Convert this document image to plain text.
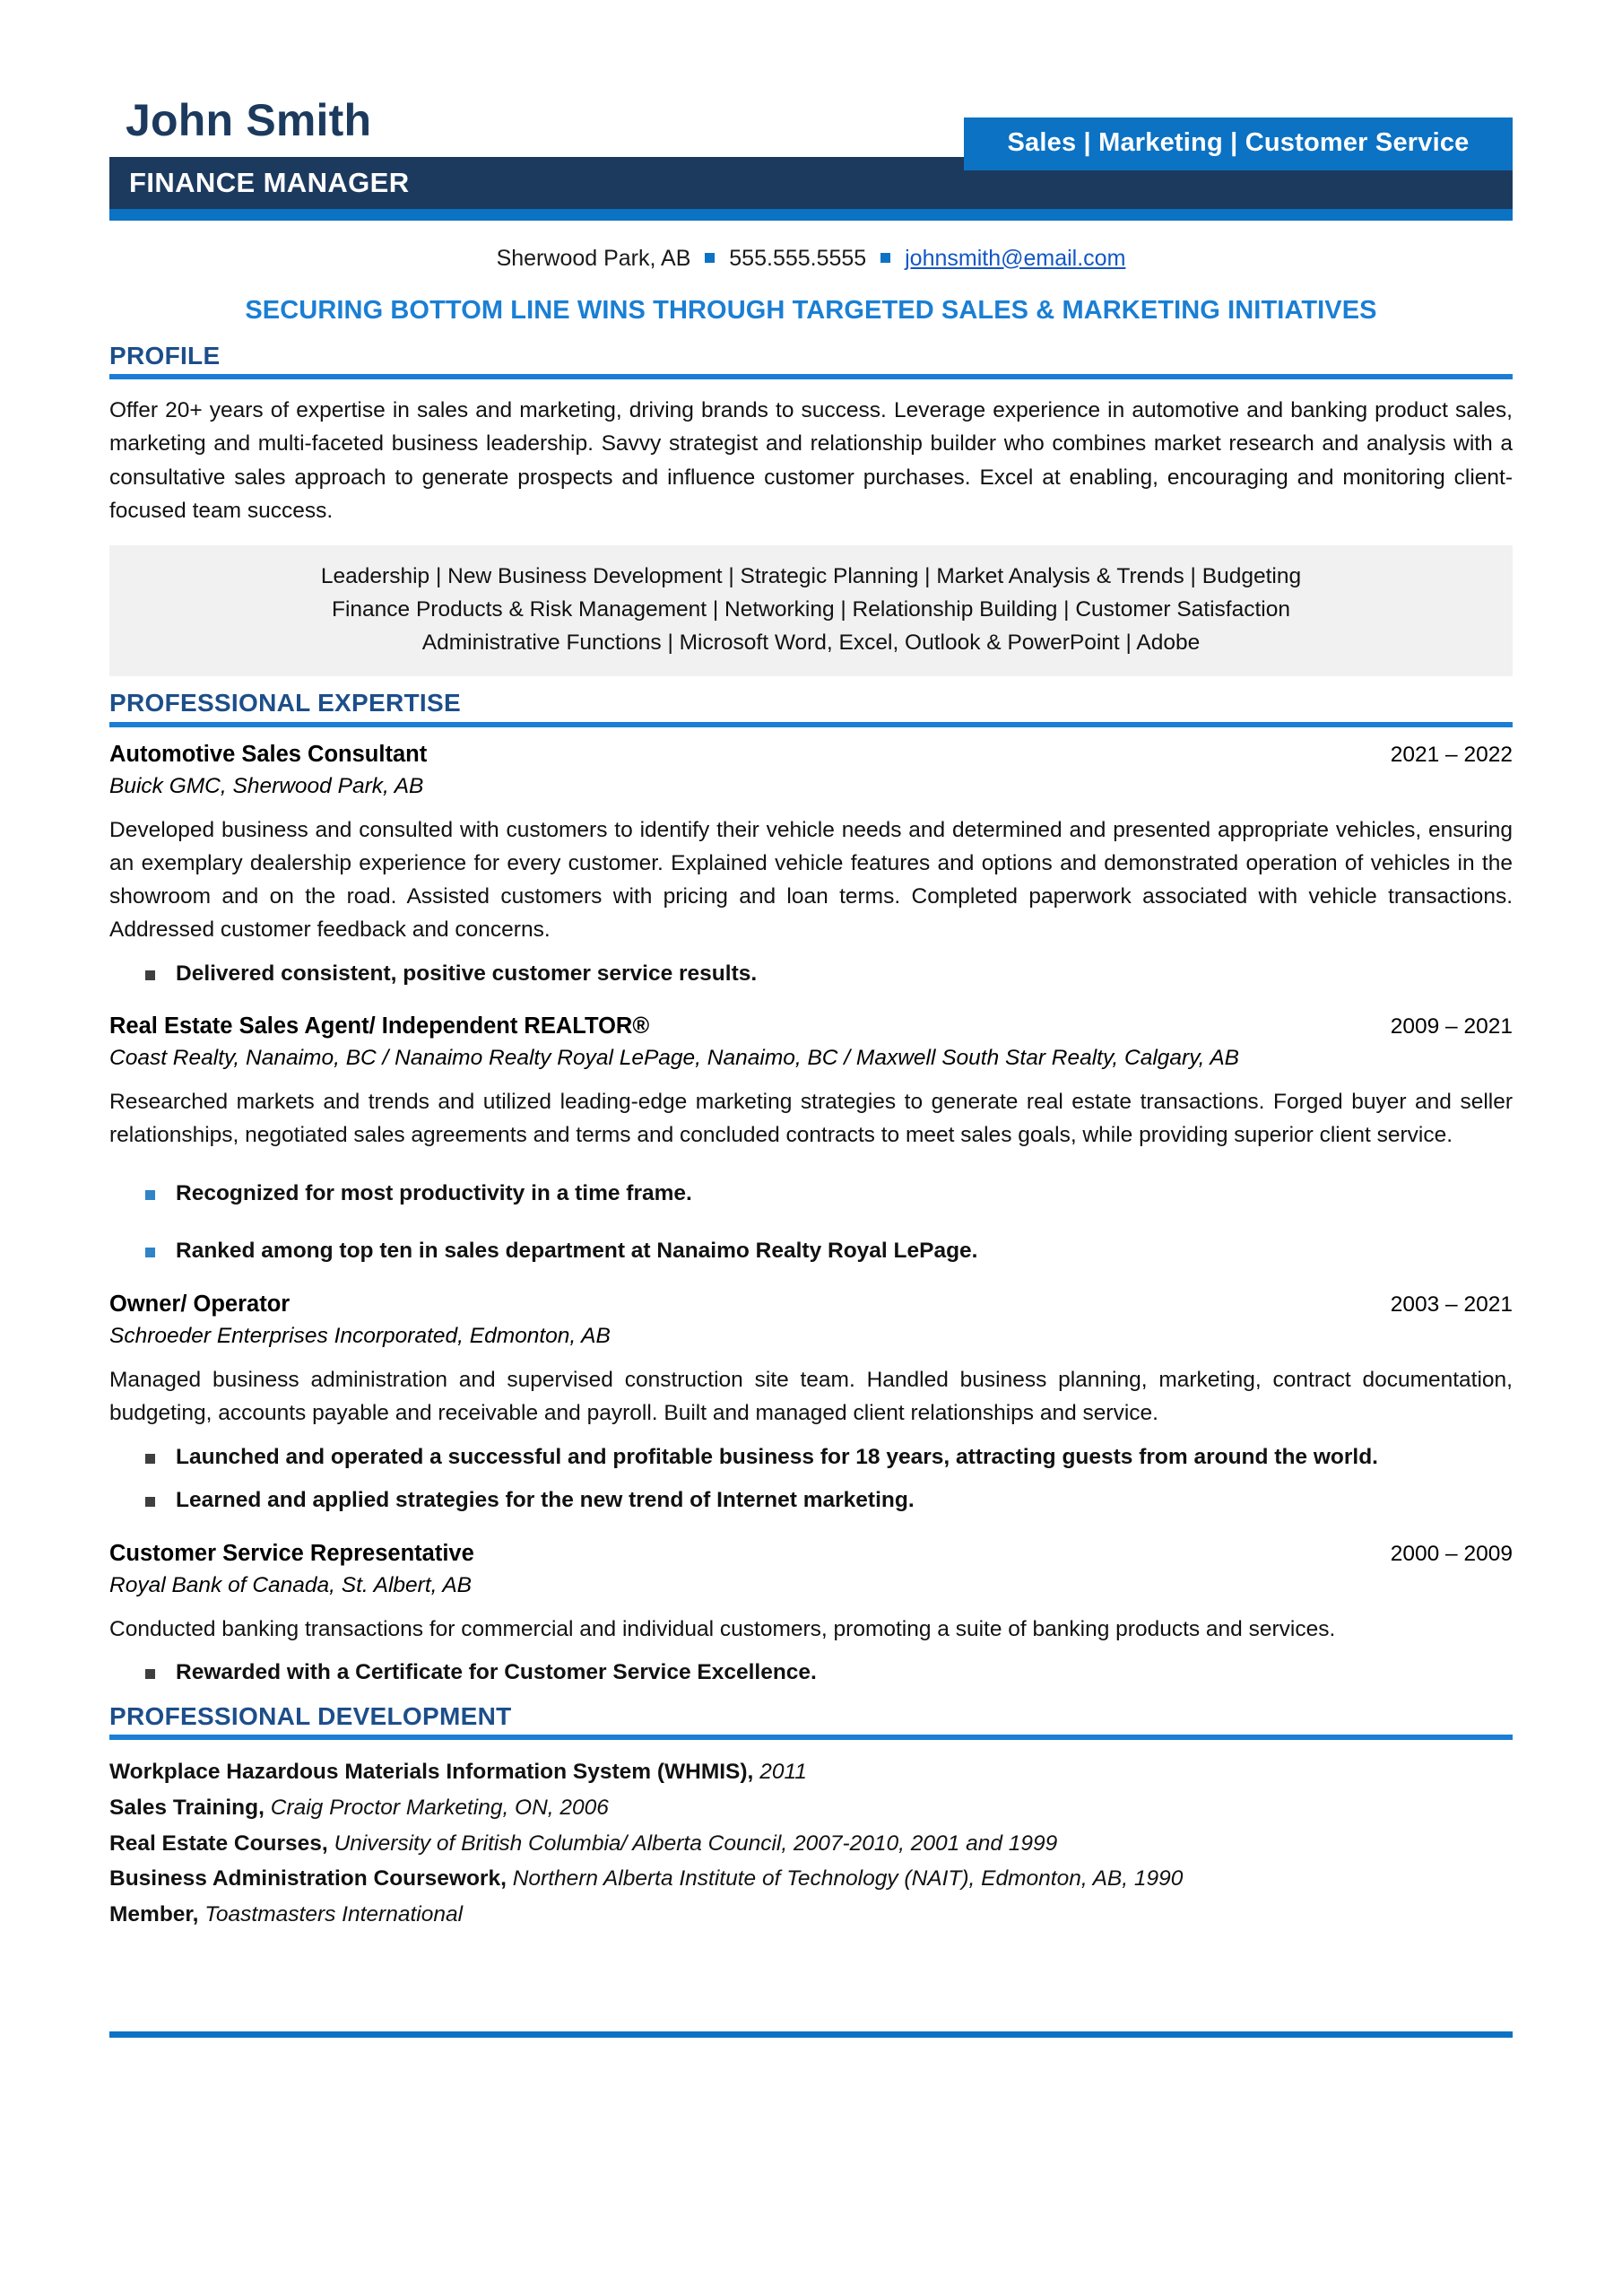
John Smith	Sales | Marketing | Customer Service
FINANCE MANAGER
Sherwood Park, AB 555.555.5555 johnsmith@email.com
SECURING BOTTOM LINE WINS THROUGH TARGETED SALES & MARKETING INITIATIVES
PROFILE

Offer 20+ years of expertise in sales and marketing, driving brands to success. Leverage experience in automotive and banking product sales, marketing and multi-faceted business leadership. Savvy strategist and relationship builder who combines market research and analysis with a consultative sales approach to generate prospects and influence customer purchases. Excel at enabling, encouraging and monitoring client-focused team success.

Leadership | New Business Development | Strategic Planning | Market Analysis & Trends | Budgeting
Finance Products & Risk Management | Networking | Relationship Building | Customer Satisfaction
Administrative Functions | Microsoft Word, Excel, Outlook & PowerPoint | Adobe
PROFESSIONAL EXPERTISE
Automotive Sales Consultant	2021 – 2022
Buick GMC, Sherwood Park, AB

Developed business and consulted with customers to identify their vehicle needs and determined and presented appropriate vehicles, ensuring an exemplary dealership experience for every customer. Explained vehicle features and options and demonstrated operation of vehicles in the showroom and on the road. Assisted customers with pricing and loan terms. Completed paperwork associated with vehicle transactions. Addressed customer feedback and concerns.

Delivered consistent, positive customer service results.
Real Estate Sales Agent/ Independent REALTOR®	2009 – 2021
Coast Realty, Nanaimo, BC / Nanaimo Realty Royal LePage, Nanaimo, BC / Maxwell South Star Realty, Calgary, AB

Researched markets and trends and utilized leading-edge marketing strategies to generate real estate transactions. Forged buyer and seller relationships, negotiated sales agreements and terms and concluded contracts to meet sales goals, while providing superior client service.

Recognized for most productivity in a time frame.
Ranked among top ten in sales department at Nanaimo Realty Royal LePage.
Owner/ Operator	2003 – 2021
Schroeder Enterprises Incorporated, Edmonton, AB

Managed business administration and supervised construction site team. Handled business planning, marketing, contract documentation, budgeting, accounts payable and receivable and payroll. Built and managed client relationships and service.

Launched and operated a successful and profitable business for 18 years, attracting guests from around the world.
Learned and applied strategies for the new trend of Internet marketing.
Customer Service Representative	2000 – 2009
Royal Bank of Canada, St. Albert, AB

Conducted banking transactions for commercial and individual customers, promoting a suite of banking products and services.

Rewarded with a Certificate for Customer Service Excellence.
PROFESSIONAL DEVELOPMENT
Workplace Hazardous Materials Information System (WHMIS), 2011
Sales Training, Craig Proctor Marketing, ON, 2006
Real Estate Courses, University of British Columbia/ Alberta Council, 2007-2010, 2001 and 1999
Business Administration Coursework, Northern Alberta Institute of Technology (NAIT), Edmonton, AB, 1990
Member, Toastmasters International
